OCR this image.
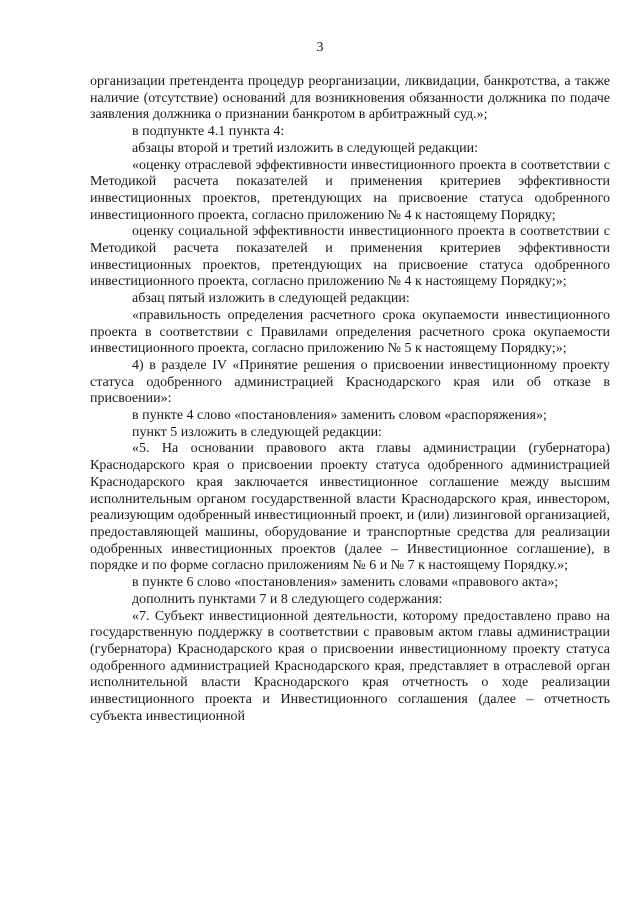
3

организации претендента процедур реорганизации, ликвидации, банкротства, а также наличие (отсутствие) оснований для возникновения обязанности должника по подаче заявления должника о признании банкротом в арбитражный суд.»;

в подпункте 4.1 пункта 4:

абзацы второй и третий изложить в следующей редакции:

«оценку отраслевой эффективности инвестиционного проекта в соответствии с Методикой расчета показателей и применения критериев эффективности инвестиционных проектов, претендующих на присвоение статуса одобренного инвестиционного проекта, согласно приложению № 4 к настоящему Порядку;

оценку социальной эффективности инвестиционного проекта в соответствии с Методикой расчета показателей и применения критериев эффективности инвестиционных проектов, претендующих на присвоение статуса одобренного инвестиционного проекта, согласно приложению № 4 к настоящему Порядку;»;

абзац пятый изложить в следующей редакции:

«правильность определения расчетного срока окупаемости инвестиционного проекта в соответствии с Правилами определения расчетного срока окупаемости инвестиционного проекта, согласно приложению № 5 к настоящему Порядку;»;

4) в разделе IV «Принятие решения о присвоении инвестиционному проекту статуса одобренного администрацией Краснодарского края или об отказе в присвоении»:

в пункте 4 слово «постановления» заменить словом «распоряжения»;

пункт 5 изложить в следующей редакции:

«5. На основании правового акта главы администрации (губернатора) Краснодарского края о присвоении проекту статуса одобренного администрацией Краснодарского края заключается инвестиционное соглашение между высшим исполнительным органом государственной власти Краснодарского края, инвестором, реализующим одобренный инвестиционный проект, и (или) лизинговой организацией, предоставляющей машины, оборудование и транспортные средства для реализации одобренных инвестиционных проектов (далее – Инвестиционное соглашение), в порядке и по форме согласно приложениям № 6 и № 7 к настоящему Порядку.»;

в пункте 6 слово «постановления» заменить словами «правового акта»;

дополнить пунктами 7 и 8 следующего содержания:

«7. Субъект инвестиционной деятельности, которому предоставлено право на государственную поддержку в соответствии с правовым актом главы администрации (губернатора) Краснодарского края о присвоении инвестиционному проекту статуса одобренного администрацией Краснодарского края, представляет в отраслевой орган исполнительной власти Краснодарского края отчетность о ходе реализации инвестиционного проекта и Инвестиционного соглашения (далее – отчетность субъекта инвестиционной
